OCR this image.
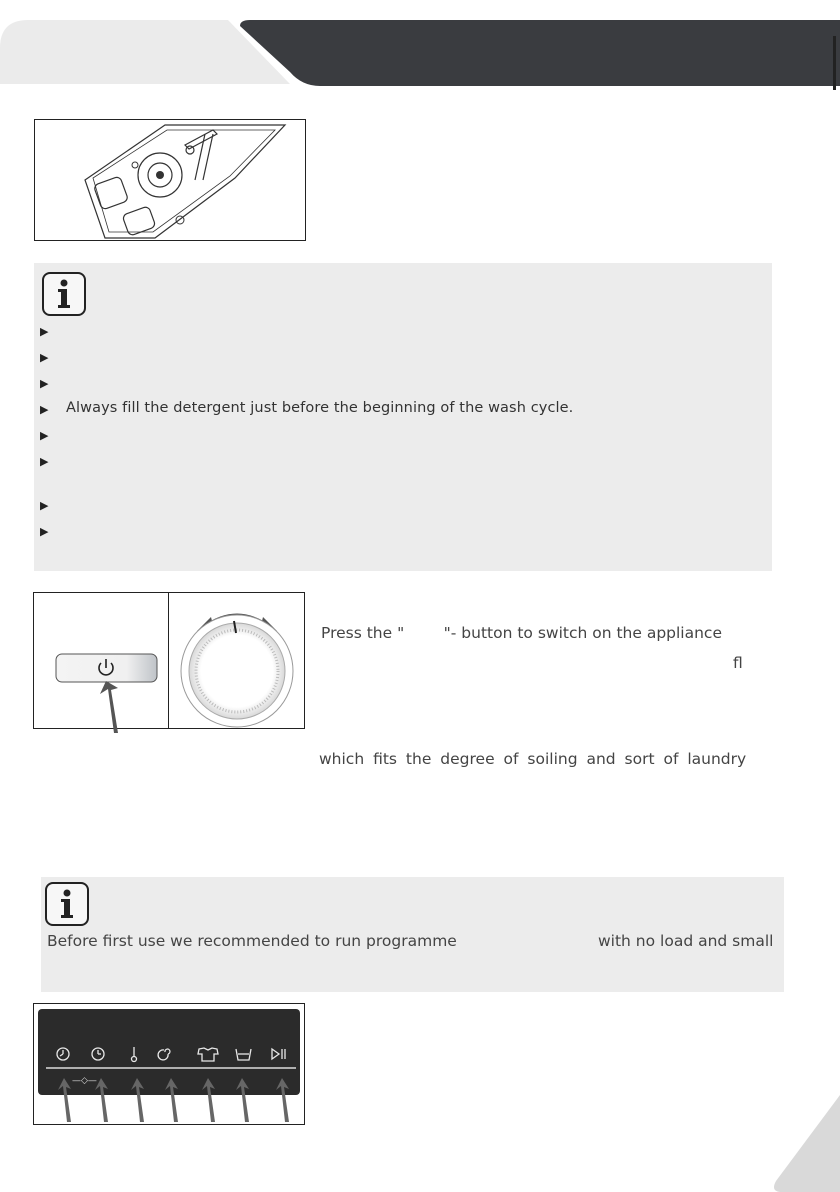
▶
▶
▶
▶
▶
▶
▶
▶
Always fill the detergent just before the beginning of the wash cycle.
Press the "        "- button to switch on the appliance
fl
which fits the degree of soiling and sort of laundry
Before first use we recommended to run programme	with no load and small
—◇—
